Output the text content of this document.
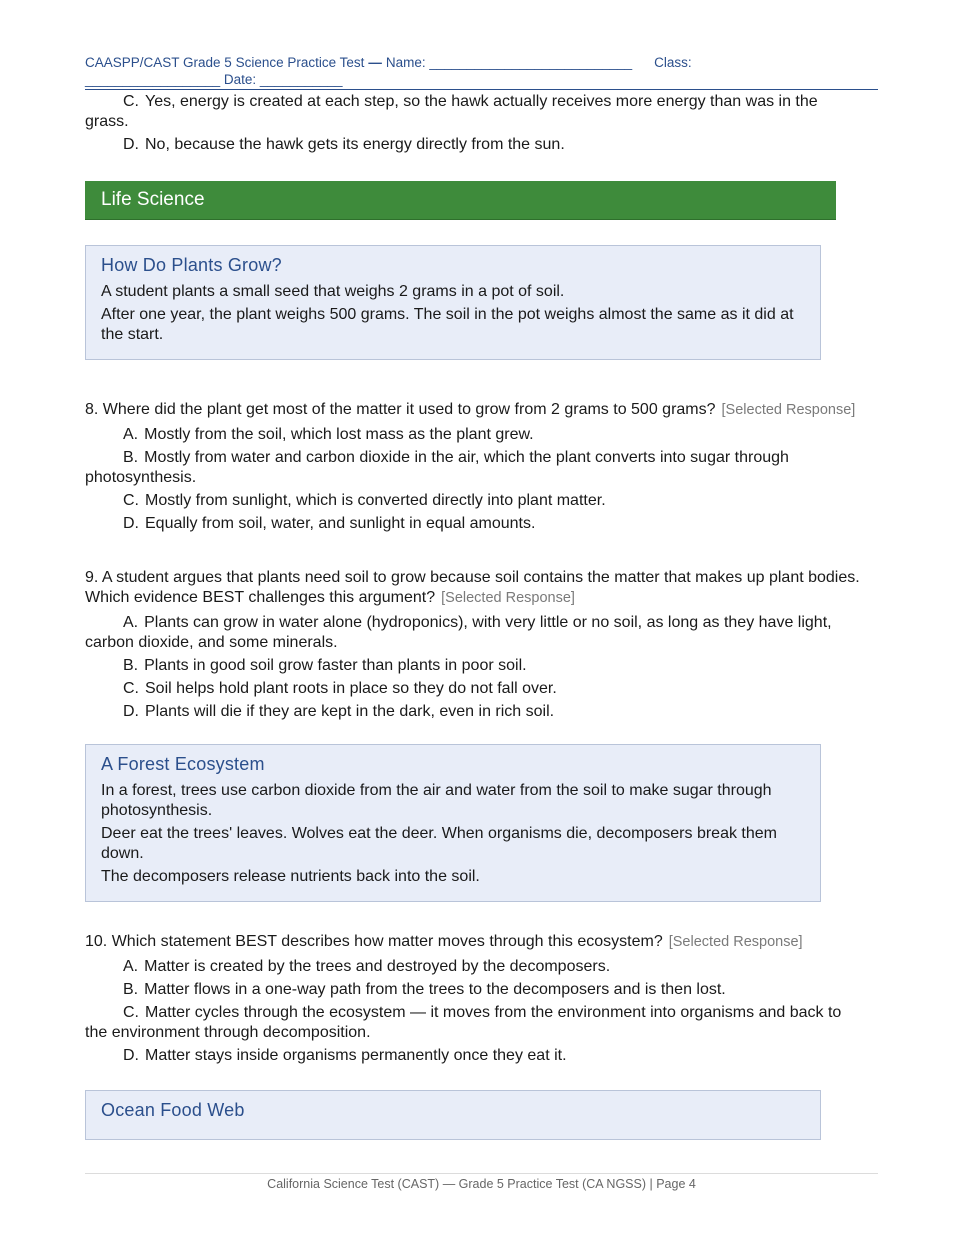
CAASPP/CAST Grade 5 Science Practice Test — Name: ___________________________ Class:
__________________ Date: ___________

C. Yes, energy is created at each step, so the hawk actually receives more energy than was in the grass.

D. No, because the hawk gets its energy directly from the sun.

Life Science
How Do Plants Grow?

A student plants a small seed that weighs 2 grams in a pot of soil.

After one year, the plant weighs 500 grams. The soil in the pot weighs almost the same as it did at the start.

8. Where did the plant get most of the matter it used to grow from 2 grams to 500 grams? [Selected Response]

A. Mostly from the soil, which lost mass as the plant grew.

B. Mostly from water and carbon dioxide in the air, which the plant converts into sugar through photosynthesis.

C. Mostly from sunlight, which is converted directly into plant matter.

D. Equally from soil, water, and sunlight in equal amounts.

9. A student argues that plants need soil to grow because soil contains the matter that makes up plant bodies. Which evidence BEST challenges this argument? [Selected Response]

A. Plants can grow in water alone (hydroponics), with very little or no soil, as long as they have light, carbon dioxide, and some minerals.

B. Plants in good soil grow faster than plants in poor soil.

C. Soil helps hold plant roots in place so they do not fall over.

D. Plants will die if they are kept in the dark, even in rich soil.

A Forest Ecosystem

In a forest, trees use carbon dioxide from the air and water from the soil to make sugar through photosynthesis.

Deer eat the trees' leaves. Wolves eat the deer. When organisms die, decomposers break them down.

The decomposers release nutrients back into the soil.

10. Which statement BEST describes how matter moves through this ecosystem? [Selected Response]

A. Matter is created by the trees and destroyed by the decomposers.

B. Matter flows in a one-way path from the trees to the decomposers and is then lost.

C. Matter cycles through the ecosystem — it moves from the environment into organisms and back to the environment through decomposition.

D. Matter stays inside organisms permanently once they eat it.

Ocean Food Web
California Science Test (CAST) — Grade 5 Practice Test (CA NGSS) | Page 4
